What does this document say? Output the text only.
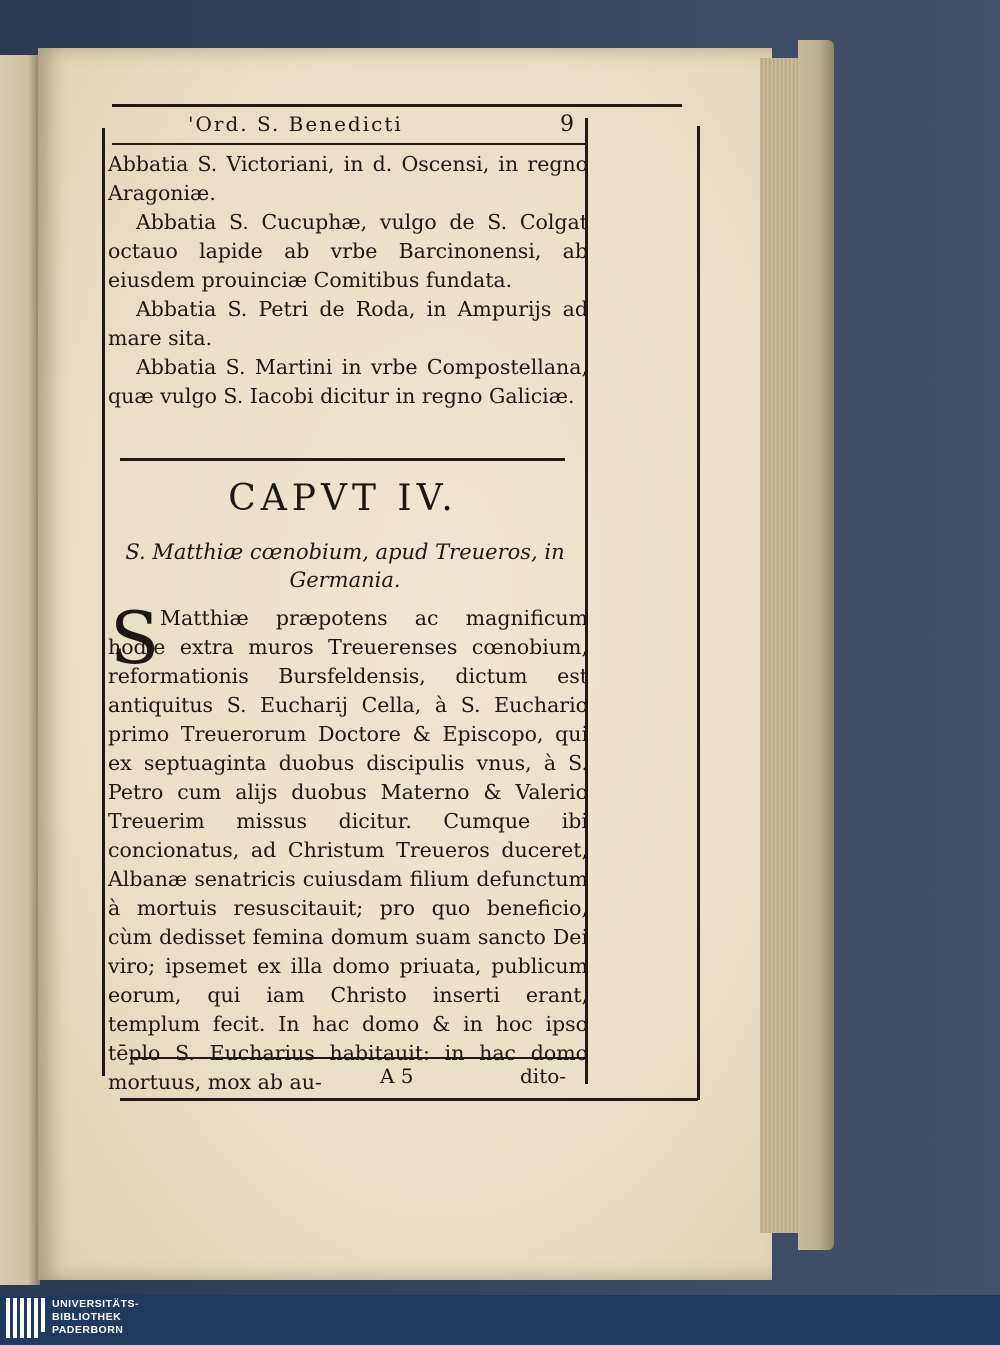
'Ord. S. Benedicti	9

Abbatia S. Victoriani, in d. Oscensi, in regno Aragoniæ.

Abbatia S. Cucuphæ, vulgo de S. Colgat octauo lapide ab vrbe Barcinonensi, ab eiusdem prouinciæ Comitibus fundata.

Abbatia S. Petri de Roda, in Ampurijs ad mare sita.

Abbatia S. Martini in vrbe Compostellana, quæ vulgo S. Iacobi dicitur in regno Galiciæ.

CAPVT IV.
S. Matthiæ cœnobium, apud Treueros, in Germania.
S Matthiæ præpotens ac magnificum hodie extra muros Treuerenses cœnobium, reformationis Bursfeldensis, dictum est antiquitus S. Eucharij Cella, à S. Euchario primo Treuerorum Doctore & Episcopo, qui ex septuaginta duobus discipulis vnus, à S. Petro cum alijs duobus Materno & Valerio Treuerim missus dicitur. Cumque ibi concionatus, ad Christum Treueros duceret, Albanæ senatricis cuiusdam filium defunctum à mortuis resuscitauit; pro quo beneficio, cùm dedisset femina domum suam sancto Dei viro; ipsemet ex illa domo priuata, publicum eorum, qui iam Christo inserti erant, templum fecit. In hac domo & in hoc ipso tēplo S. Eucharius habitauit: in hac domo mortuus, mox ab au-	A 5	dito-
UNIVERSITÄTS-
BIBLIOTHEK
PADERBORN
